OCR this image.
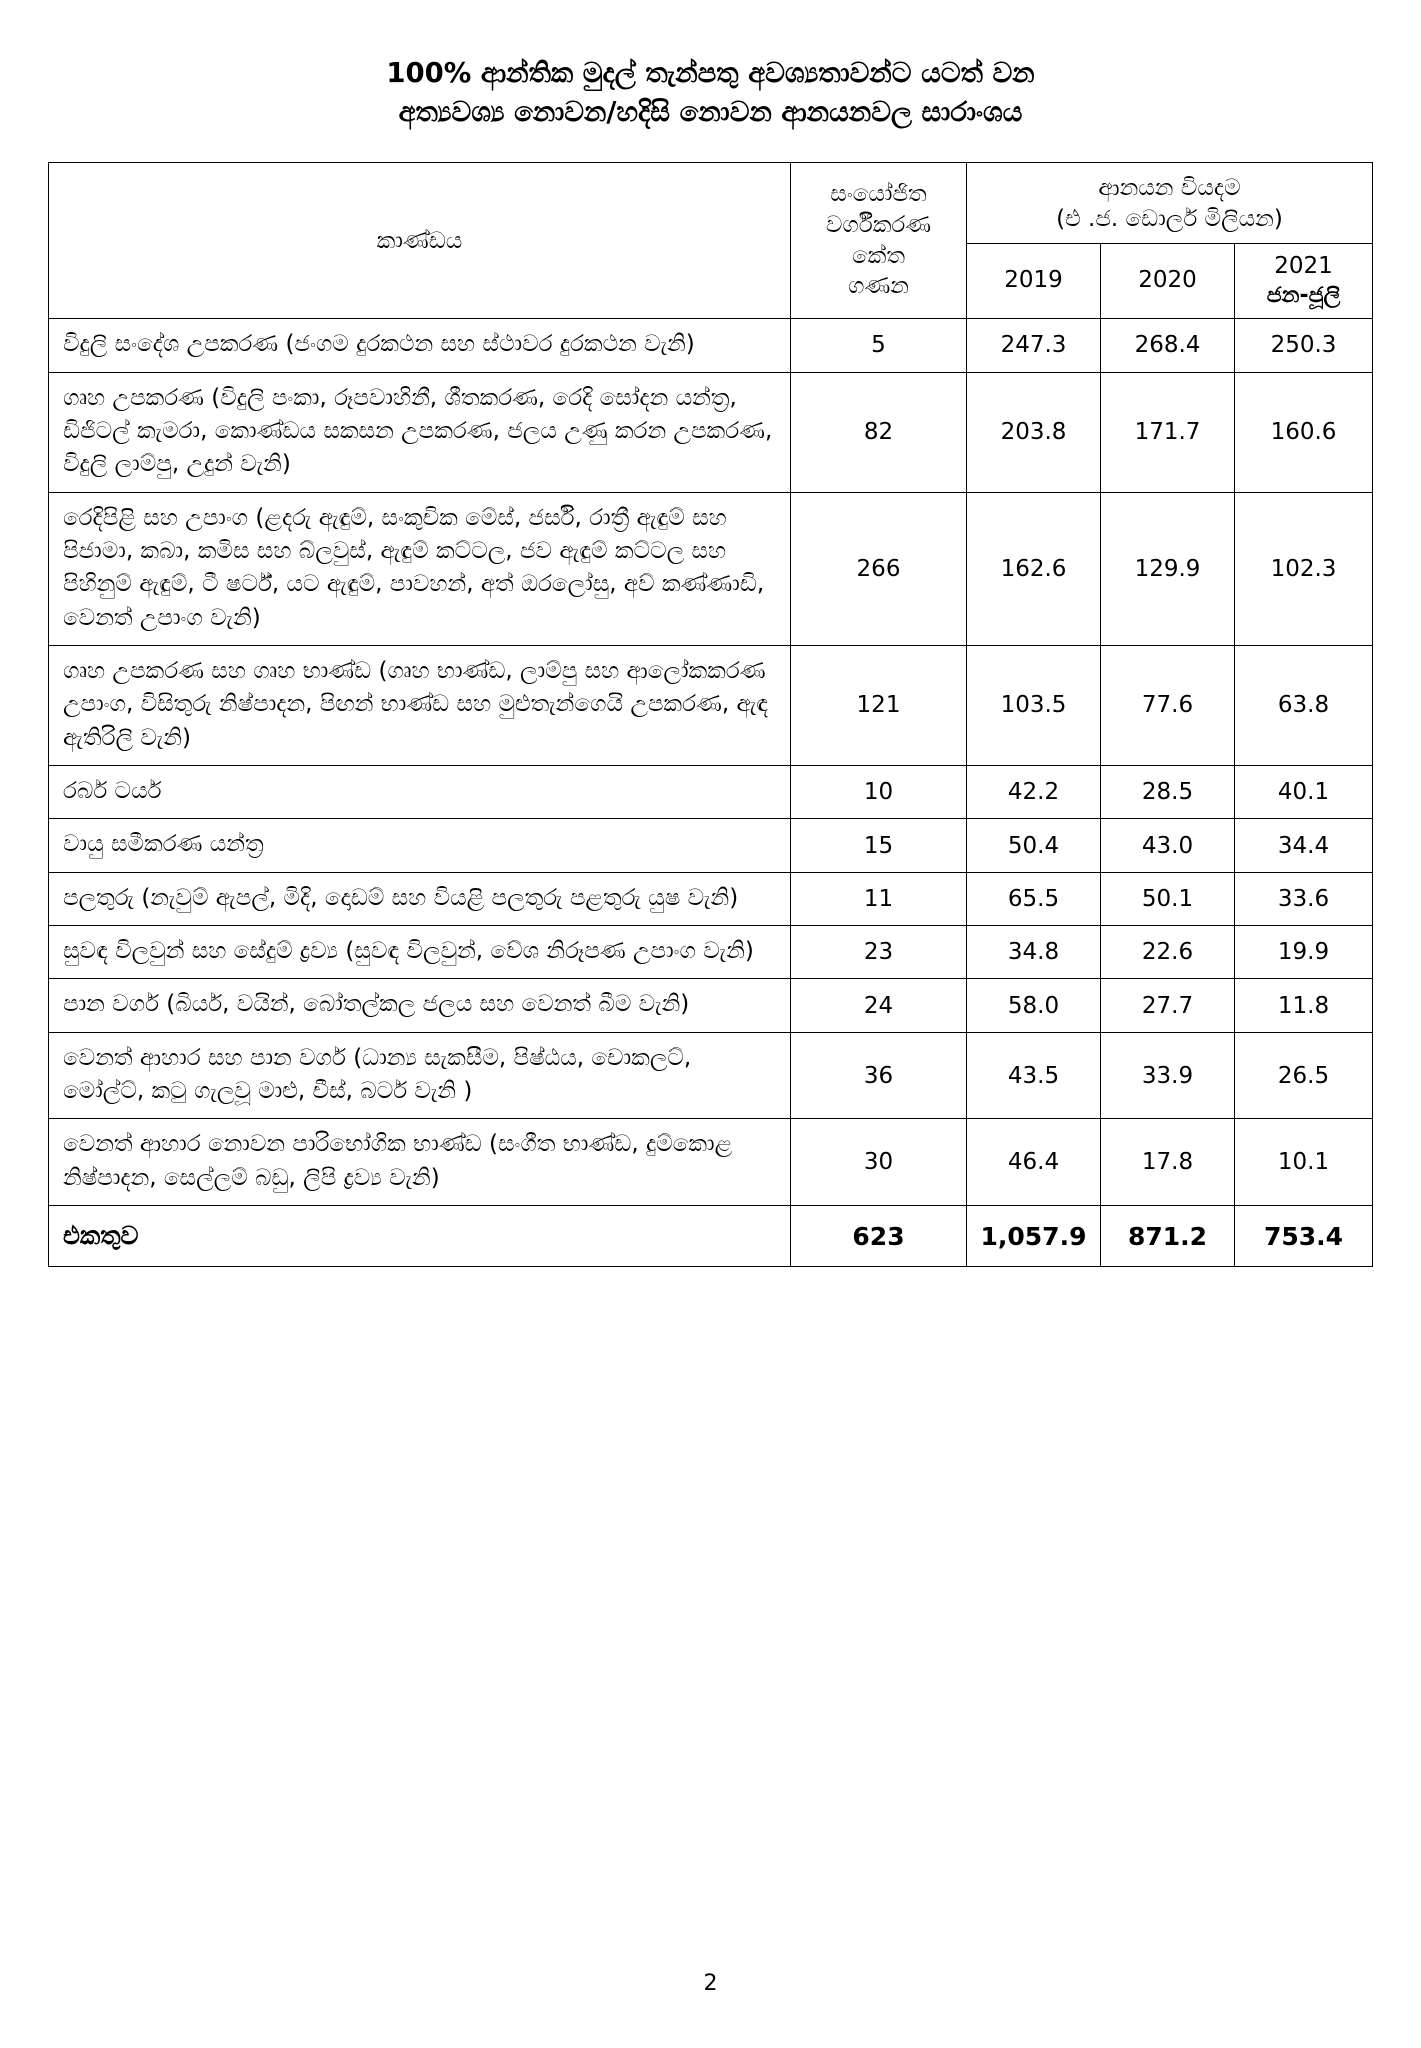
100% ආන්තික මුදල් තැන්පතු අවශ්‍යතාවන්ට යටත් වන
අත්‍යවශ්‍ය නොවන/හදිසි නොවන ආනයනවල සාරාංශය
කාණ්ඩය	සංයෝජිත
වර්ගීකරණ
කේත
ගණන	ආනයන වියදම
(එ .ජ. ඩොලර් මිලියන)		
		2019	2020	2021
ජන-ජූලි

විදුලි සංදේශ උපකරණ (ජංගම දුරකථන සහ ස්ථාවර දුරකථන වැනි)	5	247.3	268.4	250.3
ගෘහ උපකරණ (විදුලි පංකා, රූපවාහිනී, ශීතකරණ, රෙදි සෝදන යන්ත්‍ර, ඩිජිටල් කැමරා, කොණ්ඩය සකසන උපකරණ, ජලය උණු කරන උපකරණ, විදුලි ලාම්පු, උදුන් වැනි)	82	203.8	171.7	160.6
රෙදිපිළි සහ උපාංග (ළදරු ඇඳුම්, සංකුචික මේස්, ජර්සි, රාත්‍රී ඇඳුම් සහ පිජාමා, කබා, කමිස සහ බ්ලවුස්, ඇඳුම් කට්ටල, ජව ඇඳුම් කට්ටල සහ පිහිනුම් ඇඳුම්, ටී ෂර්ට්, යට ඇඳුම්, පාවහන්, අත් ඔරලෝසු, අව් කණ්ණාඩි, වෙනත් උපාංග වැනි)	266	162.6	129.9	102.3
ගෘහ උපකරණ සහ ගෘහ භාණ්ඩ (ගෘහ භාණ්ඩ, ලාම්පු සහ ආලෝකකරණ උපාංග, විසිතුරු නිෂ්පාදන, පිඟන් භාණ්ඩ සහ මුළුතැන්ගෙයි උපකරණ, ඇඳ ඇතිරිලි වැනි)	121	103.5	77.6	63.8
රබර් ටයර්	10	42.2	28.5	40.1
වායු සමීකරණ යන්ත්‍ර	15	50.4	43.0	34.4
පලතුරු (නැවුම් ඇපල්, මිදි, දොඩම් සහ වියළි පලතුරු පළතුරු යුෂ වැනි)	11	65.5	50.1	33.6
සුවඳ විලවුන් සහ සේදුම් ද්‍රව්‍ය (සුවඳ විලවුන්, වේශ නිරූපණ උපාංග වැනි)	23	34.8	22.6	19.9
පාන වර්ග (බියර්, වයින්, බෝතල්කල ජලය සහ වෙනත් බීම වැනි)	24	58.0	27.7	11.8
වෙනත් ආහාර සහ පාන වර්ග (ධාන්‍ය සැකසීම, පිෂ්ඨය, චොකලට්, මෝල්ට්, කටු ගැලවූ මාළු, චීස්, බටර් වැනි )	36	43.5	33.9	26.5
වෙනත් ආහාර නොවන පාරිභෝගික භාණ්ඩ (සංගීත භාණ්ඩ, දුම්කොළ නිෂ්පාදන, සෙල්ලම් බඩු, ලිපි ද්‍රව්‍ය වැනි)	30	46.4	17.8	10.1
එකතුව	623	1,057.9	871.2	753.4
2
